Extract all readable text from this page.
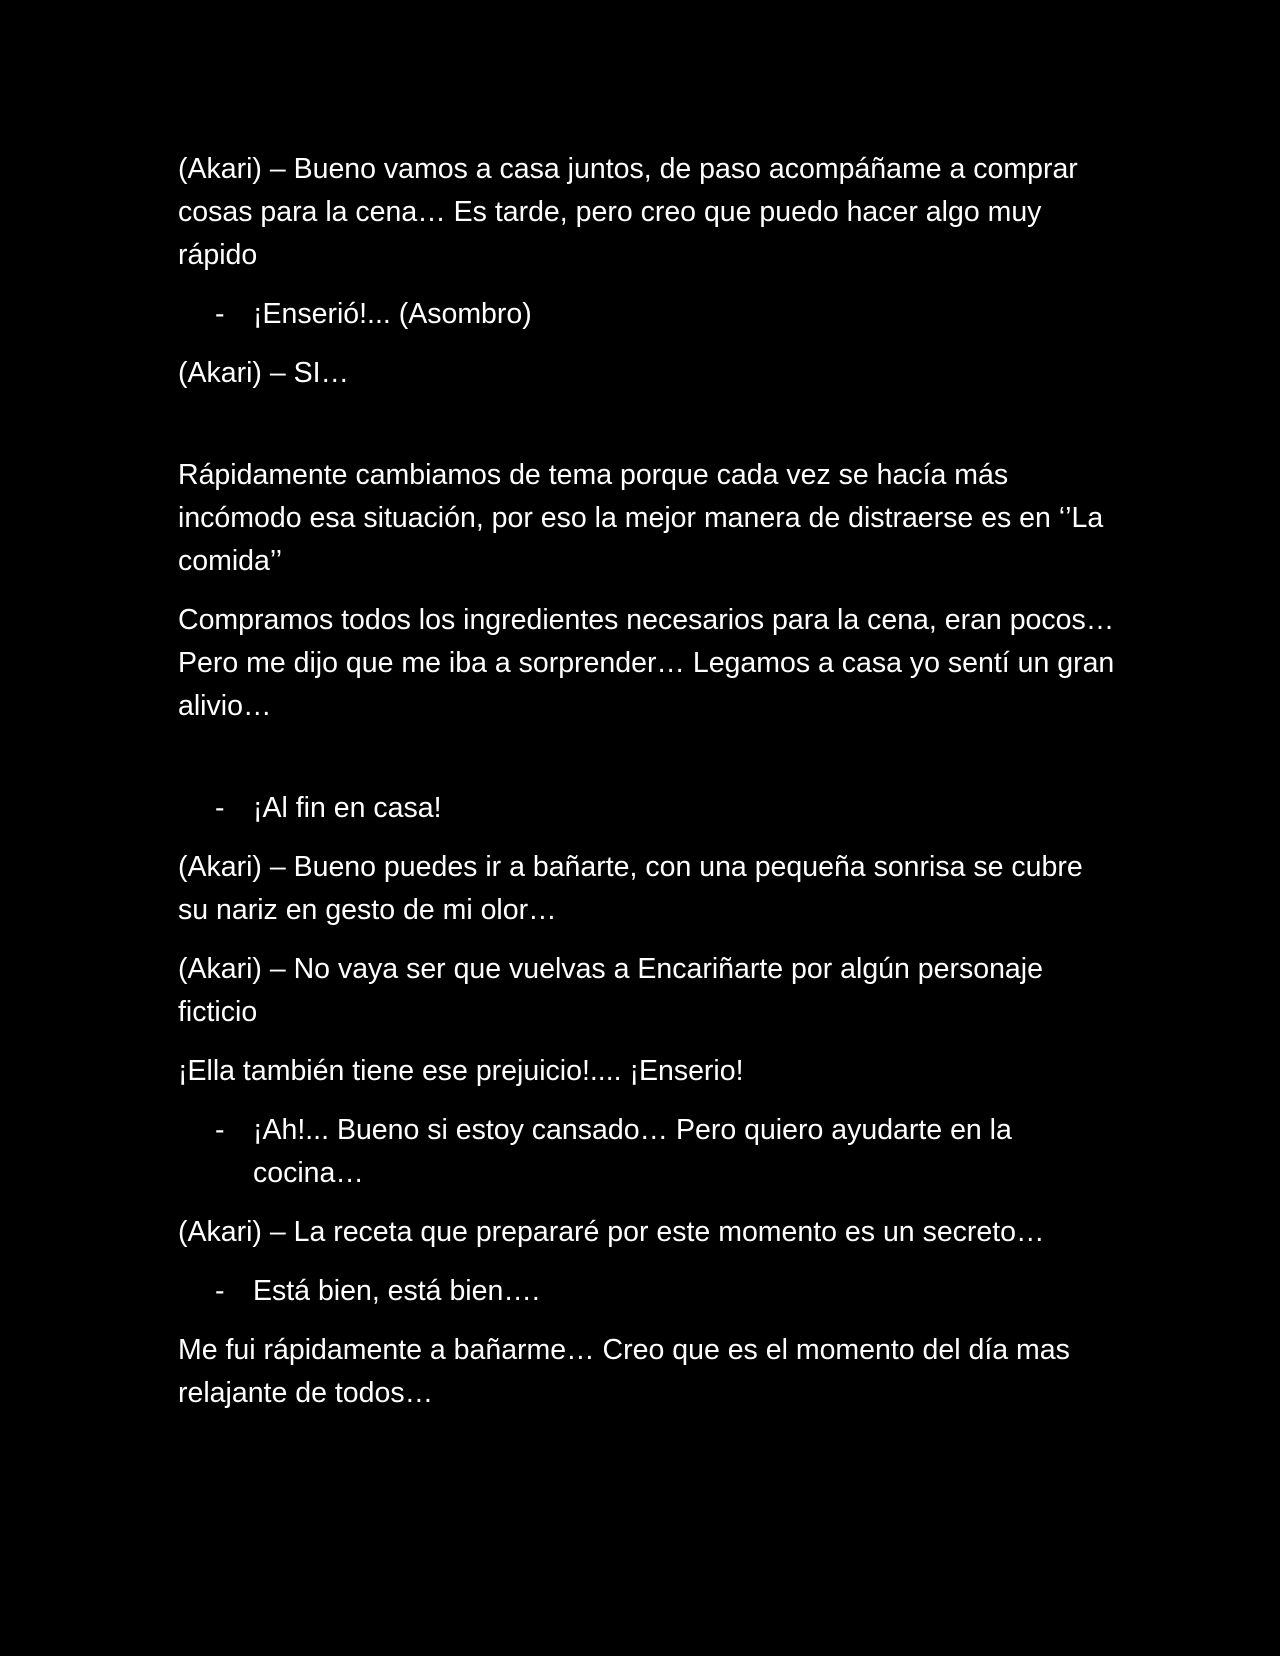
(Akari) – Bueno vamos a casa juntos, de paso acompáñame a comprar cosas para la cena… Es tarde, pero creo que puedo hacer algo muy rápido

- ¡Enserió!... (Asombro)

(Akari) – SI…

Rápidamente cambiamos de tema porque cada vez se hacía más incómodo esa situación, por eso la mejor manera de distraerse es en ‘’La comida’’

Compramos todos los ingredientes necesarios para la cena, eran pocos… Pero me dijo que me iba a sorprender… Legamos a casa yo sentí un gran alivio…

- ¡Al fin en casa!

(Akari) – Bueno puedes ir a bañarte, con una pequeña sonrisa se cubre su nariz en gesto de mi olor…

(Akari) – No vaya ser que vuelvas a Encariñarte por algún personaje ficticio

¡Ella también tiene ese prejuicio!.... ¡Enserio!

- ¡Ah!... Bueno si estoy cansado… Pero quiero ayudarte en la cocina…

(Akari) – La receta que prepararé por este momento es un secreto…

- Está bien, está bien….

Me fui rápidamente a bañarme… Creo que es el momento del día mas relajante de todos…
